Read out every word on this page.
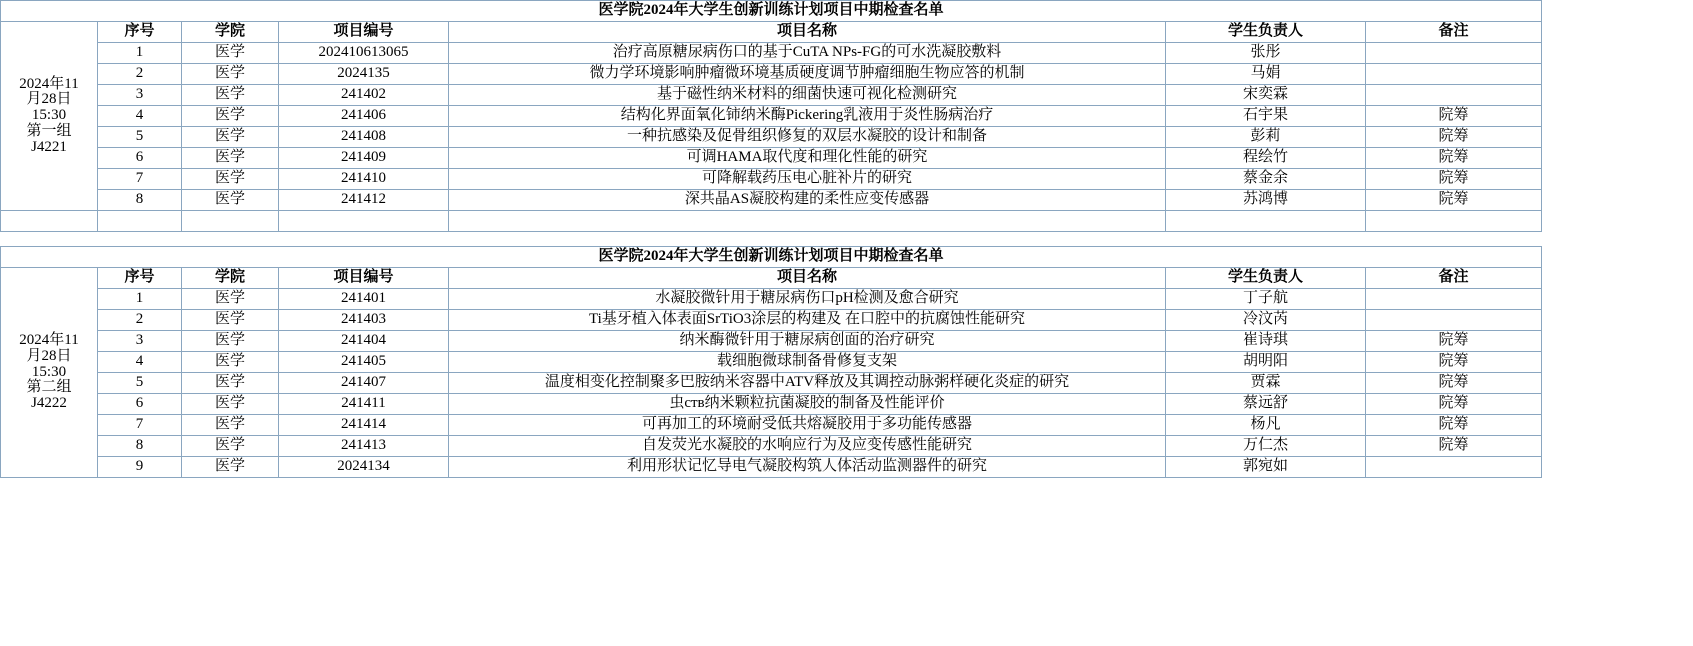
医学院2024年大学生创新训练计划项目中期检查名单						

2024年11
月28日
15:30
第一组
J4221	序号	学院	项目编号	项目名称	学生负责人	备注
	1	医学	202410613065	治疗高原糖尿病伤口的基于CuTA NPs-FG的可水洗凝胶敷料	张彤	
	2	医学	2024135	微力学环境影响肿瘤微环境基质硬度调节肿瘤细胞生物应答的机制	马娟	
	3	医学	241402	基于磁性纳米材料的细菌快速可视化检测研究	宋奕霖	
	4	医学	241406	结构化界面氧化铈纳米酶Pickering乳液用于炎性肠病治疗	石宇果	院筹
	5	医学	241408	一种抗感染及促骨组织修复的双层水凝胶的设计和制备	彭莉	院筹
	6	医学	241409	可调HAMA取代度和理化性能的研究	程绘竹	院筹
	7	医学	241410	可降解载药压电心脏补片的研究	蔡金余	院筹
	8	医学	241412	深共晶AS凝胶构建的柔性应变传感器	苏鸿博	院筹

医学院2024年大学生创新训练计划项目中期检查名单						

2024年11
月28日
15:30
第二组
J4222	序号	学院	项目编号	项目名称	学生负责人	备注
	1	医学	241401	水凝胶微针用于糖尿病伤口pH检测及愈合研究	丁子航	
	2	医学	241403	Ti基牙植入体表面SrTiO3涂层的构建及 在口腔中的抗腐蚀性能研究	冷汶芮	
	3	医学	241404	纳米酶微针用于糖尿病创面的治疗研究	崔诗琪	院筹
	4	医学	241405	载细胞微球制备骨修复支架	胡明阳	院筹
	5	医学	241407	温度相变化控制聚多巴胺纳米容器中ATV释放及其调控动脉粥样硬化炎症的研究	贾霖	院筹
	6	医学	241411	虫ств纳米颗粒抗菌凝胶的制备及性能评价	蔡远舒	院筹
	7	医学	241414	可再加工的环境耐受低共熔凝胶用于多功能传感器	杨凡	院筹
	8	医学	241413	自发荧光水凝胶的水响应行为及应变传感性能研究	万仁杰	院筹
	9	医学	2024134	利用形状记忆导电气凝胶构筑人体活动监测器件的研究	郭宛如	
